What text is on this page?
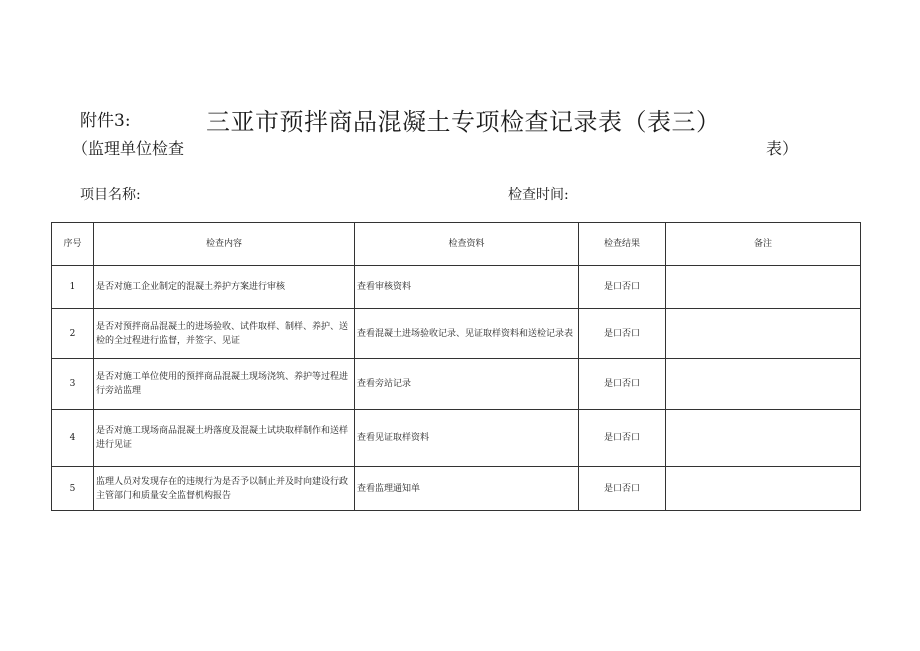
附件3:	三亚市预拌商品混凝土专项检查记录表（表三）
（监理单位检查	表）
项目名称:	检查时间:
序号	检查内容	检查资料	检查结果	备注
1	是否对施工企业制定的混凝土养护方案进行审核	查看审核资料	是口否口	
2	是否对预拌商品混凝土的进场验收、试件取样、制样、养护、送检的全过程进行监督，并签字、见证	查看混凝土进场验收记录、见证取样资料和送检记录表	是口否口	
3	是否对施工单位使用的预拌商品混凝土现场浇筑、养护等过程进行旁站监理	查看旁站记录	是口否口	
4	是否对施工现场商品混凝土坍落度及混凝土试块取样制作和送样进行见证	查看见证取样资料	是口否口	
5	监理人员对发现存在的违规行为是否予以制止并及时向建设行政主管部门和质量安全监督机构报告	查看监理通知单	是口否口	
